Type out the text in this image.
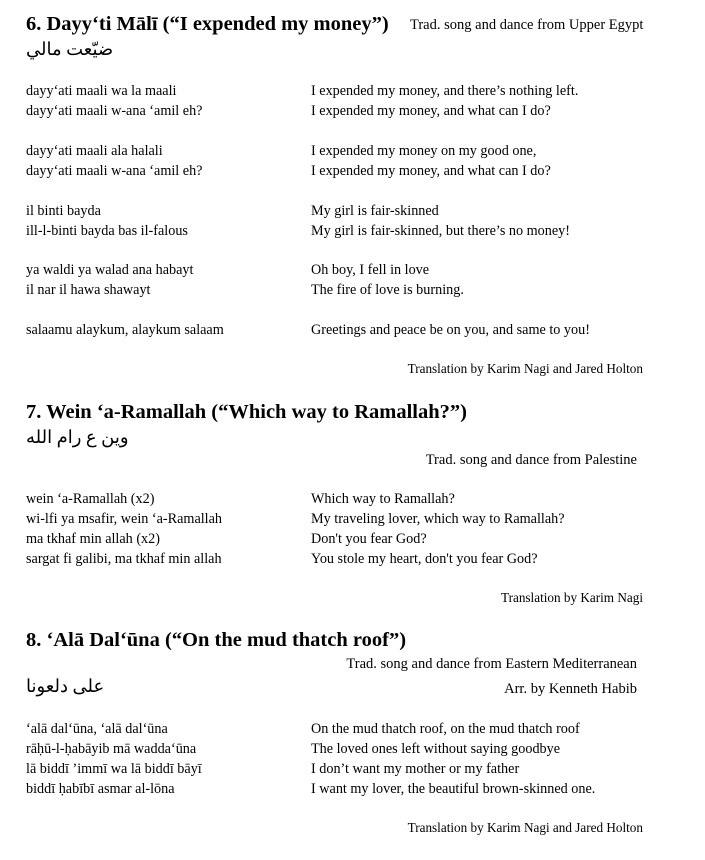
6. Dayy‘ti Mālī (“I expended my money”) Trad. song and dance from Upper Egypt
ضيّعت مالي
dayy‘ati maali wa la maali	I expended my money, and there’s nothing left.
dayy‘ati maali w-ana ‘amil eh?	I expended my money, and what can I do?
dayy‘ati maali ala halali	I expended my money on my good one,
dayy‘ati maali w-ana ‘amil eh?	I expended my money, and what can I do?
il binti bayda	My girl is fair-skinned
ill-l-binti bayda bas il-falous	My girl is fair-skinned, but there’s no money!
ya waldi ya walad ana habayt	Oh boy, I fell in love
il nar il hawa shawayt	The fire of love is burning.
salaamu alaykum, alaykum salaam	Greetings and peace be on you, and same to you!
Translation by Karim Nagi and Jared Holton
7. Wein ‘a-Ramallah (“Which way to Ramallah?”)
وين ع رام الله
Trad. song and dance from Palestine
wein ‘a-Ramallah (x2)	Which way to Ramallah?
wi-lfi ya msafir, wein ‘a-Ramallah	My traveling lover, which way to Ramallah?
ma tkhaf min allah (x2)	Don't you fear God?
sargat fi galibi, ma tkhaf min allah	You stole my heart, don't you fear God?
Translation by Karim Nagi
8. ‘Alā Dal‘ūna (“On the mud thatch roof”)
Trad. song and dance from Eastern Mediterranean
على دلعونا	Arr. by Kenneth Habib
‘alā dal‘ūna, ‘alā dal‘ūna	On the mud thatch roof, on the mud thatch roof
rāḥū-l-ḥabāyib mā wadda‘ūna	The loved ones left without saying goodbye
lā biddī ’immī wa lā biddī bāyī	I don’t want my mother or my father
biddī ḥabībī asmar al-lōna	I want my lover, the beautiful brown-skinned one.
Translation by Karim Nagi and Jared Holton
